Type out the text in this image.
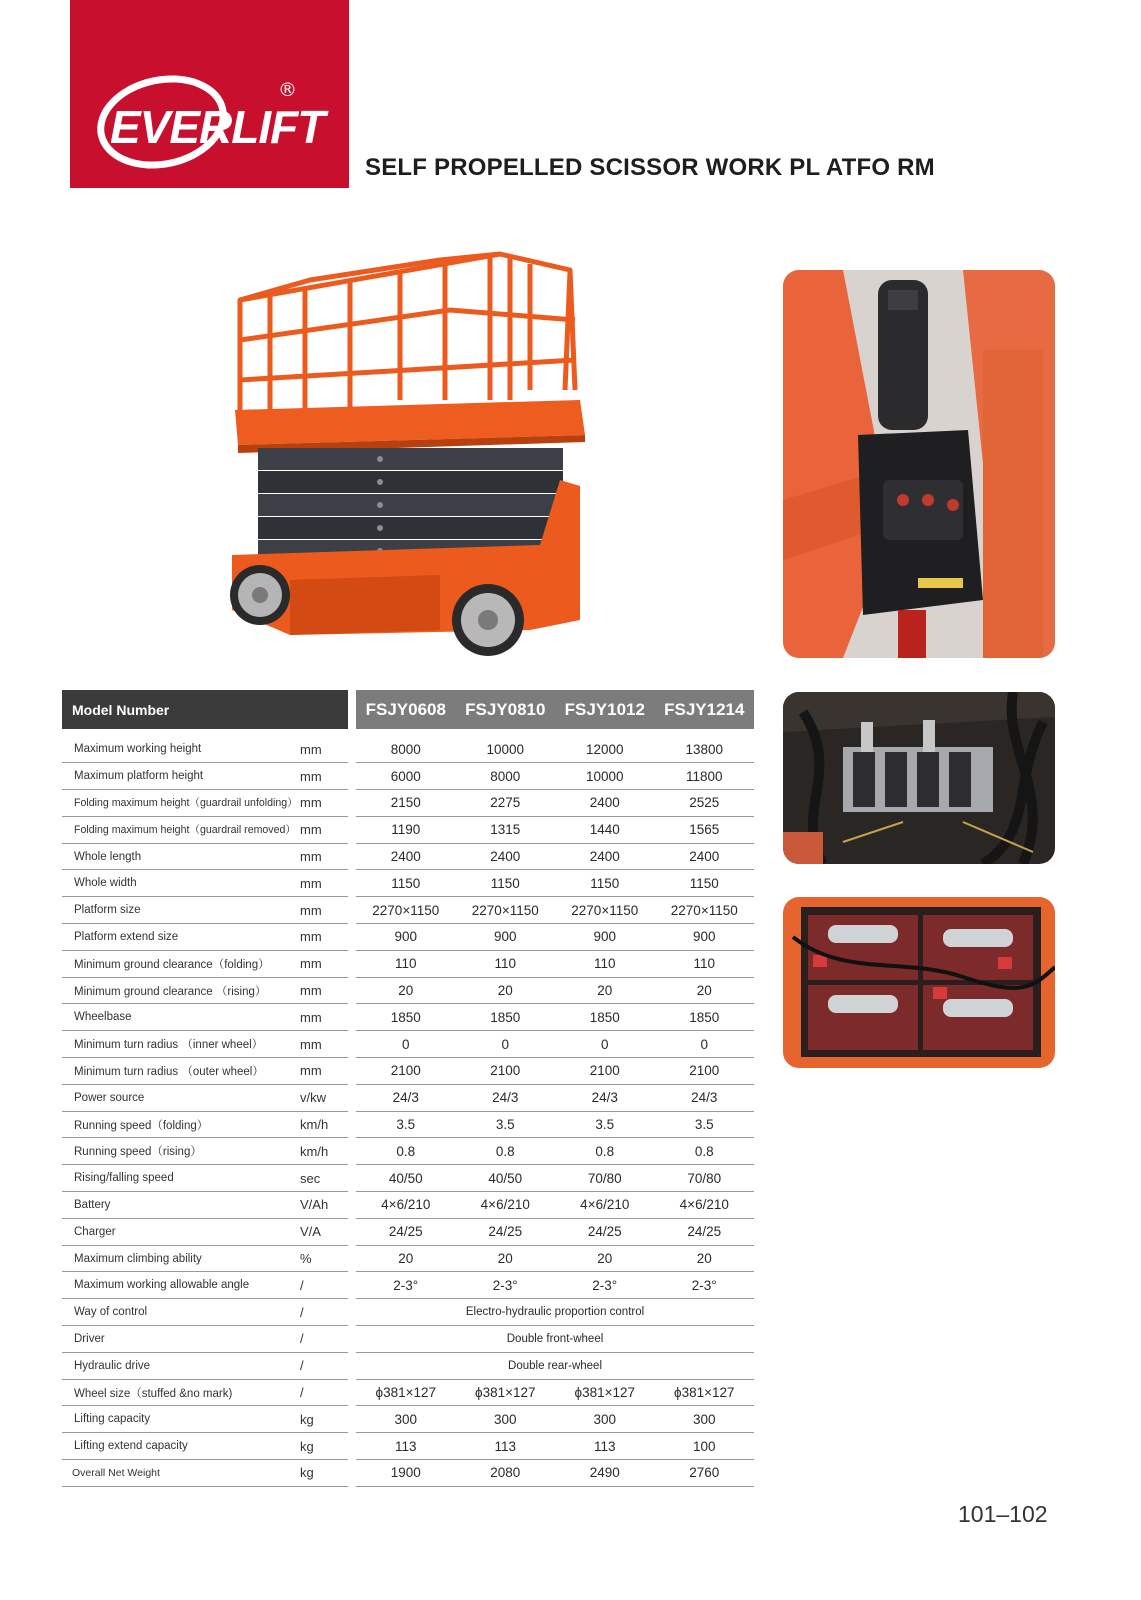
EVERLIFT
®
SELF PROPELLED SCISSOR WORK PL ATFO RM
Model Number			FSJY0608	FSJY0810	FSJY1012	FSJY1214

Maximum working height	mm		8000	10000	12000	13800
Maximum platform height	mm		6000	8000	10000	11800
Folding maximum height（guardrail unfolding）	mm		2150	2275	2400	2525
Folding maximum height（guardrail removed）	mm		1190	1315	1440	1565
Whole length	mm		2400	2400	2400	2400
Whole width	mm		1150	1150	1150	1150
Platform size	mm		2270×1150	2270×1150	2270×1150	2270×1150
Platform extend size	mm		900	900	900	900
Minimum ground clearance（folding）	mm		110	110	110	110
Minimum ground clearance （rising）	mm		20	20	20	20
Wheelbase	mm		1850	1850	1850	1850
Minimum turn radius （inner wheel）	mm		0	0	0	0
Minimum turn radius （outer wheel）	mm		2100	2100	2100	2100
Power source	v/kw		24/3	24/3	24/3	24/3
Running speed（folding）	km/h		3.5	3.5	3.5	3.5
Running speed（rising）	km/h		0.8	0.8	0.8	0.8
Rising/falling speed	sec		40/50	40/50	70/80	70/80
Battery	V/Ah		4×6/210	4×6/210	4×6/210	4×6/210
Charger	V/A		24/25	24/25	24/25	24/25
Maximum climbing ability	%		20	20	20	20
Maximum working allowable angle	/		2-3°	2-3°	2-3°	2-3°
Way of control	/		Electro-hydraulic proportion control			
Driver	/		Double front-wheel			
Hydraulic drive	/		Double rear-wheel			
Wheel size（stuffed &no mark)	/		ϕ381×127	ϕ381×127	ϕ381×127	ϕ381×127
Lifting capacity	kg		300	300	300	300
Lifting extend capacity	kg		113	113	113	100
Overall Net Weight	kg		1900	2080	2490	2760
101–102
